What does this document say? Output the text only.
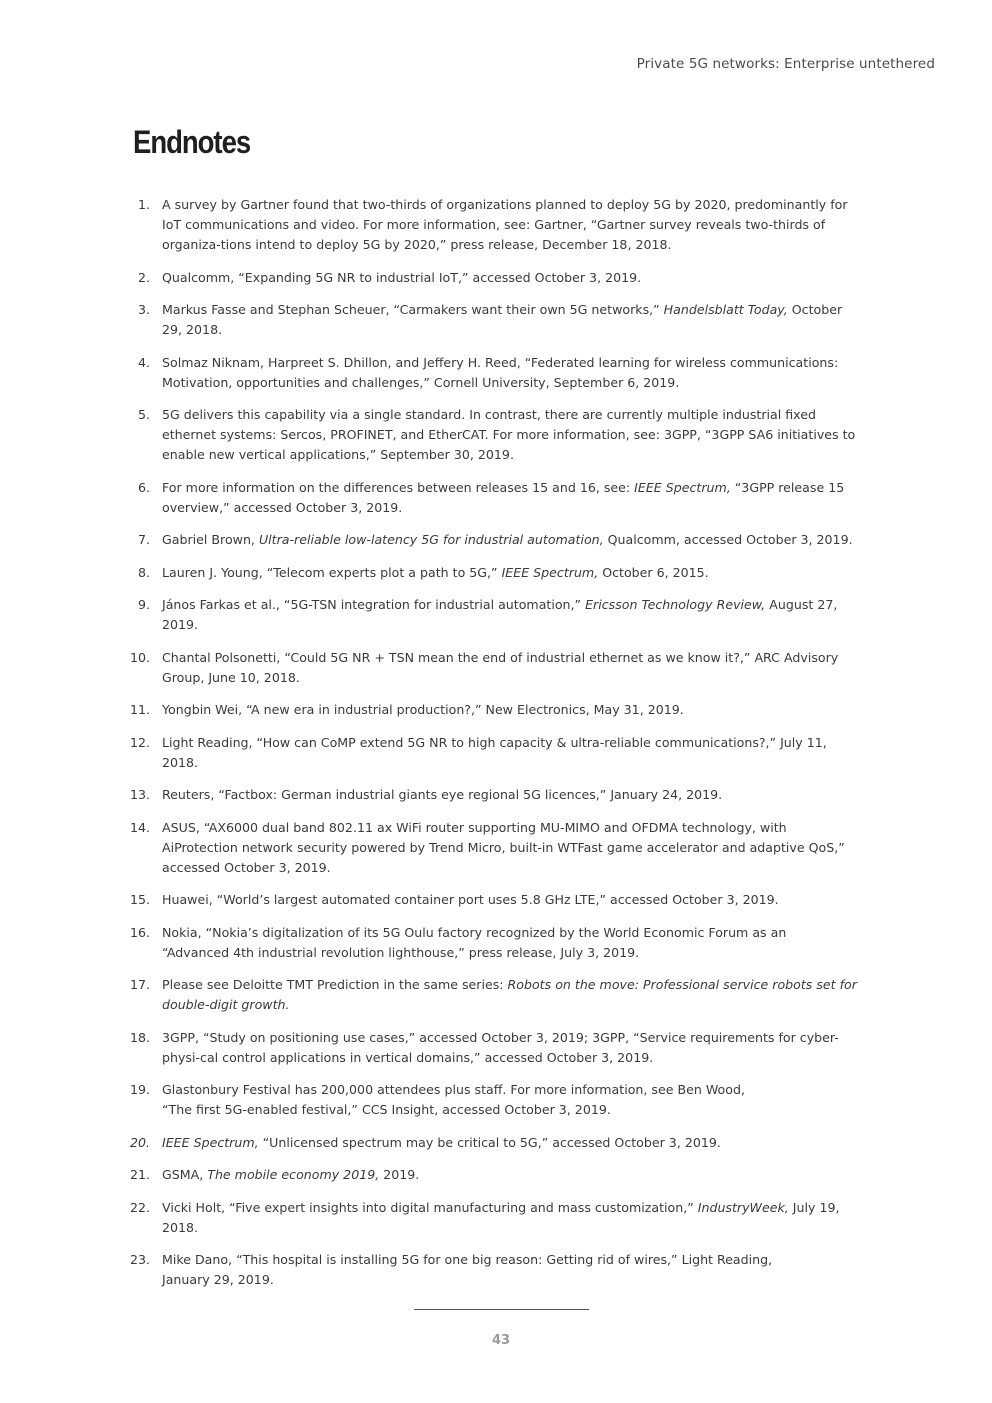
Private 5G networks: Enterprise untethered
Endnotes
1. A survey by Gartner found that two-thirds of organizations planned to deploy 5G by 2020, predominantly for IoT communications and video. For more information, see: Gartner, “Gartner survey reveals two-thirds of organiza-tions intend to deploy 5G by 2020,” press release, December 18, 2018.
2. Qualcomm, “Expanding 5G NR to industrial IoT,” accessed October 3, 2019.
3. Markus Fasse and Stephan Scheuer, “Carmakers want their own 5G networks,” Handelsblatt Today, October 29, 2018.
4. Solmaz Niknam, Harpreet S. Dhillon, and Jeffery H. Reed, “Federated learning for wireless communications: Motivation, opportunities and challenges,” Cornell University, September 6, 2019.
5. 5G delivers this capability via a single standard. In contrast, there are currently multiple industrial fixed ethernet systems: Sercos, PROFINET, and EtherCAT. For more information, see: 3GPP, “3GPP SA6 initiatives to enable new vertical applications,” September 30, 2019.
6. For more information on the differences between releases 15 and 16, see: IEEE Spectrum, “3GPP release 15 overview,” accessed October 3, 2019.
7. Gabriel Brown, Ultra-reliable low-latency 5G for industrial automation, Qualcomm, accessed October 3, 2019.
8. Lauren J. Young, “Telecom experts plot a path to 5G,” IEEE Spectrum, October 6, 2015.
9. János Farkas et al., “5G-TSN integration for industrial automation,” Ericsson Technology Review, August 27, 2019.
10. Chantal Polsonetti, “Could 5G NR + TSN mean the end of industrial ethernet as we know it?,” ARC Advisory Group, June 10, 2018.
11. Yongbin Wei, “A new era in industrial production?,” New Electronics, May 31, 2019.
12. Light Reading, “How can CoMP extend 5G NR to high capacity & ultra-reliable communications?,” July 11, 2018.
13. Reuters, “Factbox: German industrial giants eye regional 5G licences,” January 24, 2019.
14. ASUS, “AX6000 dual band 802.11 ax WiFi router supporting MU-MIMO and OFDMA technology, with AiProtection network security powered by Trend Micro, built-in WTFast game accelerator and adaptive QoS,” accessed October 3, 2019.
15. Huawei, “World’s largest automated container port uses 5.8 GHz LTE,” accessed October 3, 2019.
16. Nokia, “Nokia’s digitalization of its 5G Oulu factory recognized by the World Economic Forum as an
“Advanced 4th industrial revolution lighthouse,” press release, July 3, 2019.
17. Please see Deloitte TMT Prediction in the same series: Robots on the move: Professional service robots set for double-digit growth.
18. 3GPP, “Study on positioning use cases,” accessed October 3, 2019; 3GPP, “Service requirements for cyber-physi-cal control applications in vertical domains,” accessed October 3, 2019.
19. Glastonbury Festival has 200,000 attendees plus staff. For more information, see Ben Wood,
“The first 5G-enabled festival,” CCS Insight, accessed October 3, 2019.
20. IEEE Spectrum, “Unlicensed spectrum may be critical to 5G,” accessed October 3, 2019.
21. GSMA, The mobile economy 2019, 2019.
22. Vicki Holt, “Five expert insights into digital manufacturing and mass customization,” IndustryWeek, July 19, 2018.
23. Mike Dano, “This hospital is installing 5G for one big reason: Getting rid of wires,” Light Reading,
January 29, 2019.
43
